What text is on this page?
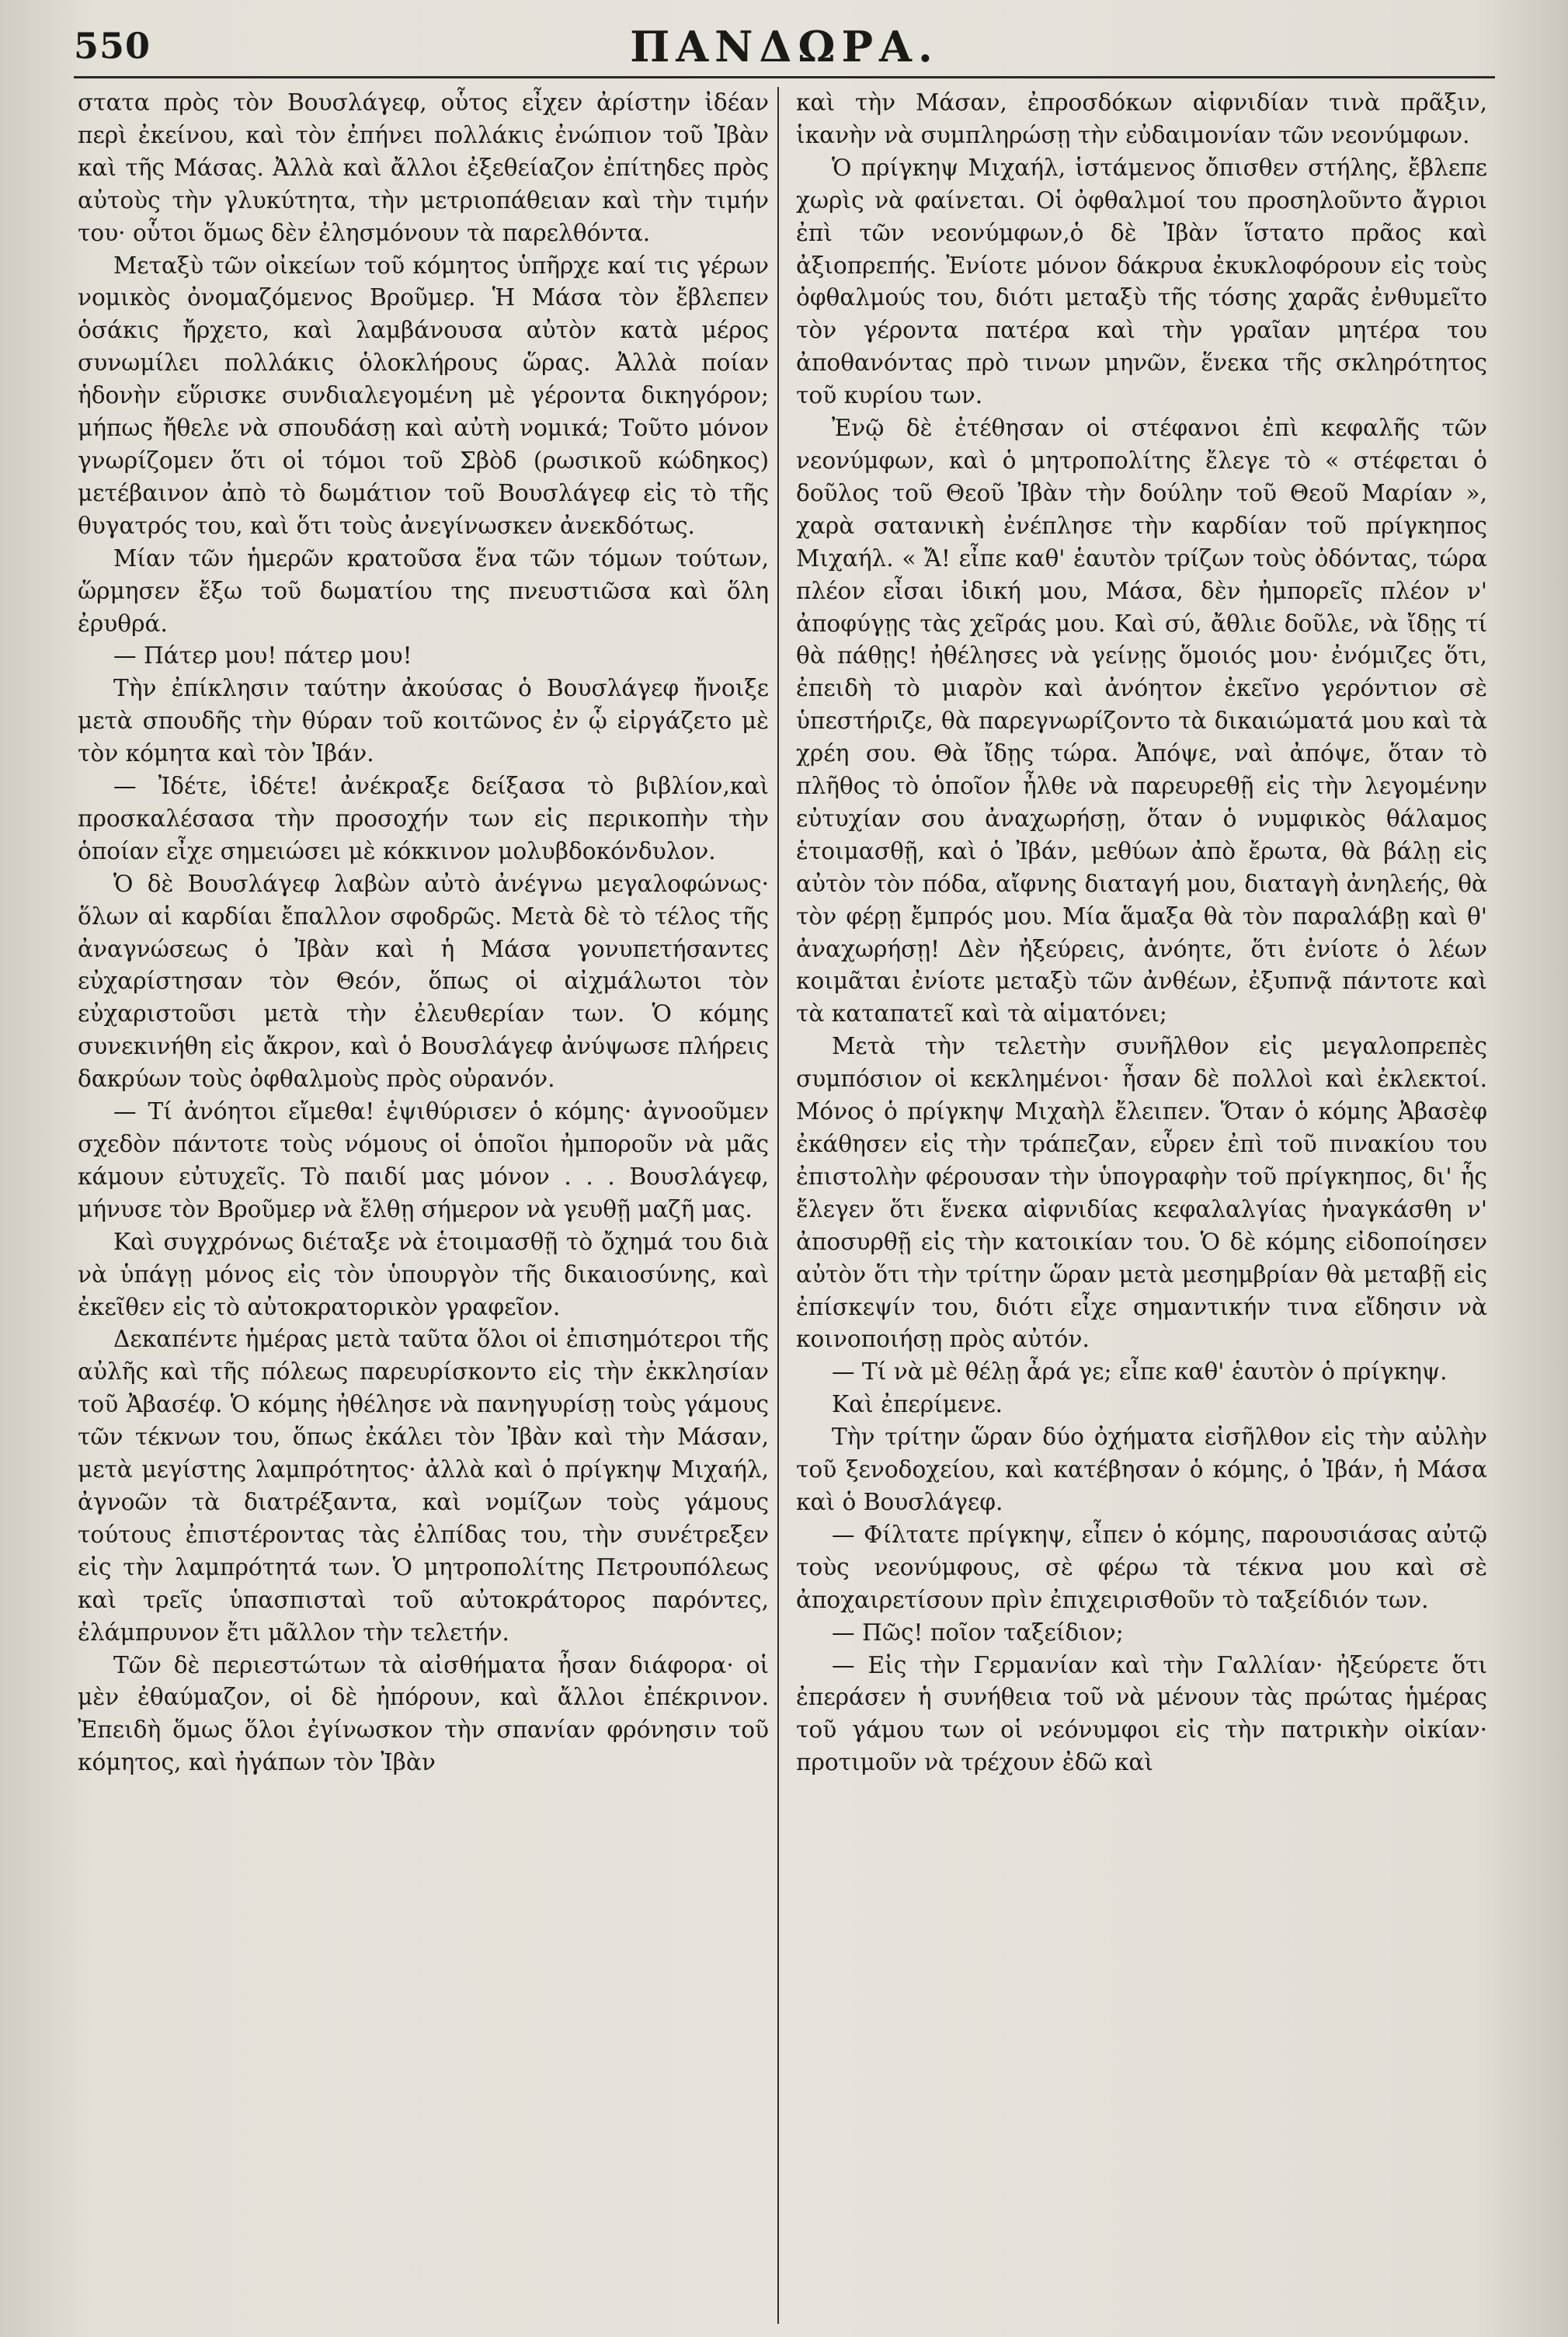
550	ΠΑΝΔΩΡΑ.

στατα πρὸς τὸν Βουσλάγεφ, οὗτος εἶχεν ἀρίστην ἰδέαν περὶ ἐκείνου, καὶ τὸν ἐπήνει πολλάκις ἐνώπιον τοῦ Ἰβὰν καὶ τῆς Μάσας. Ἀλλὰ καὶ ἄλλοι ἐξεθείαζον ἐπίτηδες πρὸς αὐτοὺς τὴν γλυκύτητα, τὴν μετριοπάθειαν καὶ τὴν τιμήν του· οὗτοι ὅμως δὲν ἐλησμόνουν τὰ παρελθόντα.

Μεταξὺ τῶν οἰκείων τοῦ κόμητος ὑπῆρχε καί τις γέρων νομικὸς ὀνομαζόμενος Βροῦμερ. Ἡ Μάσα τὸν ἔβλεπεν ὁσάκις ἤρχετο, καὶ λαμβάνουσα αὐτὸν κατὰ μέρος συνωμίλει πολλάκις ὁλοκλήρους ὥρας. Ἀλλὰ ποίαν ἡδονὴν εὕρισκε συνδιαλεγομένη μὲ γέροντα δικηγόρον; μήπως ἤθελε νὰ σπουδάσῃ καὶ αὐτὴ νομικά; Τοῦτο μόνον γνωρίζομεν ὅτι οἱ τόμοι τοῦ Σβὸδ (ρωσικοῦ κώδηκος) μετέβαινον ἀπὸ τὸ δωμάτιον τοῦ Βουσλάγεφ εἰς τὸ τῆς θυγατρός του, καὶ ὅτι τοὺς ἀνεγίνωσκεν ἀνεκδότως.

Μίαν τῶν ἡμερῶν κρατοῦσα ἕνα τῶν τόμων τούτων, ὥρμησεν ἔξω τοῦ δωματίου της πνευστιῶσα καὶ ὅλη ἐρυθρά.

— Πάτερ μου! πάτερ μου!

Τὴν ἐπίκλησιν ταύτην ἀκούσας ὁ Βουσλάγεφ ἤνοιξε μετὰ σπουδῆς τὴν θύραν τοῦ κοιτῶνος ἐν ᾧ εἰργάζετο μὲ τὸν κόμητα καὶ τὸν Ἰβάν.

— Ἰδέτε, ἰδέτε! ἀνέκραξε δείξασα τὸ βιβλίον,καὶ προσκαλέσασα τὴν προσοχήν των εἰς περικοπὴν τὴν ὁποίαν εἶχε σημειώσει μὲ κόκκινον μολυβδοκόνδυλον.

Ὁ δὲ Βουσλάγεφ λαβὼν αὐτὸ ἀνέγνω μεγαλοφώνως· ὅλων αἱ καρδίαι ἔπαλλον σφοδρῶς. Μετὰ δὲ τὸ τέλος τῆς ἀναγνώσεως ὁ Ἰβὰν καὶ ἡ Μάσα γονυπετήσαντες εὐχαρίστησαν τὸν Θεόν, ὅπως οἱ αἰχμάλωτοι τὸν εὐχαριστοῦσι μετὰ τὴν ἐλευθερίαν των. Ὁ κόμης συνεκινήθη εἰς ἄκρον, καὶ ὁ Βουσλάγεφ ἀνύψωσε πλήρεις δακρύων τοὺς ὀφθαλμοὺς πρὸς οὐρανόν.

— Τί ἀνόητοι εἴμεθα! ἐψιθύρισεν ὁ κόμης· ἀγνοοῦμεν σχεδὸν πάντοτε τοὺς νόμους οἱ ὁποῖοι ἠμποροῦν νὰ μᾶς κάμουν εὐτυχεῖς. Τὸ παιδί μας μόνον . . . Βουσλάγεφ, μήνυσε τὸν Βροῦμερ νὰ ἔλθῃ σήμερον νὰ γευθῇ μαζῆ μας.

Καὶ συγχρόνως διέταξε νὰ ἑτοιμασθῇ τὸ ὄχημά του διὰ νὰ ὑπάγῃ μόνος εἰς τὸν ὑπουργὸν τῆς δικαιοσύνης, καὶ ἐκεῖθεν εἰς τὸ αὐτοκρατορικὸν γραφεῖον.

Δεκαπέντε ἡμέρας μετὰ ταῦτα ὅλοι οἱ ἐπισημότεροι τῆς αὐλῆς καὶ τῆς πόλεως παρευρίσκοντο εἰς τὴν ἐκκλησίαν τοῦ Ἀβασέφ. Ὁ κόμης ἠθέλησε νὰ πανηγυρίσῃ τοὺς γάμους τῶν τέκνων του, ὅπως ἐκάλει τὸν Ἰβὰν καὶ τὴν Μάσαν, μετὰ μεγίστης λαμπρότητος· ἀλλὰ καὶ ὁ πρίγκηψ Μιχαήλ, ἀγνοῶν τὰ διατρέξαντα, καὶ νομίζων τοὺς γάμους τούτους ἐπιστέροντας τὰς ἐλπίδας του, τὴν συνέτρεξεν εἰς τὴν λαμπρότητά των. Ὁ μητροπολίτης Πετρουπόλεως καὶ τρεῖς ὑπασπισταὶ τοῦ αὐτοκράτορος παρόντες, ἐλάμπρυνον ἔτι μᾶλλον τὴν τελετήν.

Τῶν δὲ περιεστώτων τὰ αἰσθήματα ἦσαν διάφορα· οἱ μὲν ἐθαύμαζον, οἱ δὲ ἠπόρουν, καὶ ἄλλοι ἐπέκρινον. Ἐπειδὴ ὅμως ὅλοι ἐγίνωσκον τὴν σπανίαν φρόνησιν τοῦ κόμητος, καὶ ἠγάπων τὸν Ἰβὰν

καὶ τὴν Μάσαν, ἐπροσδόκων αἰφνιδίαν τινὰ πρᾶξιν, ἱκανὴν νὰ συμπληρώσῃ τὴν εὐδαιμονίαν τῶν νεονύμφων.

Ὁ πρίγκηψ Μιχαήλ, ἱστάμενος ὄπισθεν στήλης, ἔβλεπε χωρὶς νὰ φαίνεται. Οἱ ὀφθαλμοί του προσηλοῦντο ἄγριοι ἐπὶ τῶν νεονύμφων,ὁ δὲ Ἰβὰν ἵστατο πρᾶος καὶ ἀξιοπρεπής. Ἐνίοτε μόνον δάκρυα ἐκυκλοφόρουν εἰς τοὺς ὀφθαλμούς του, διότι μεταξὺ τῆς τόσης χαρᾶς ἐνθυμεῖτο τὸν γέροντα πατέρα καὶ τὴν γραῖαν μητέρα του ἀποθανόντας πρὸ τινων μηνῶν, ἕνεκα τῆς σκληρότητος τοῦ κυρίου των.

Ἐνῷ δὲ ἐτέθησαν οἱ στέφανοι ἐπὶ κεφαλῆς τῶν νεονύμφων, καὶ ὁ μητροπολίτης ἔλεγε τὸ « στέφεται ὁ δοῦλος τοῦ Θεοῦ Ἰβὰν τὴν δούλην τοῦ Θεοῦ Μαρίαν », χαρὰ σατανικὴ ἐνέπλησε τὴν καρδίαν τοῦ πρίγκηπος Μιχαήλ. « Ἄ! εἶπε καθ' ἑαυτὸν τρίζων τοὺς ὀδόντας, τώρα πλέον εἶσαι ἰδική μου, Μάσα, δὲν ἠμπορεῖς πλέον ν' ἀποφύγῃς τὰς χεῖράς μου. Καὶ σύ, ἄθλιε δοῦλε, νὰ ἴδῃς τί θὰ πάθῃς! ἠθέλησες νὰ γείνῃς ὅμοιός μου· ἐνόμιζες ὅτι, ἐπειδὴ τὸ μιαρὸν καὶ ἀνόητον ἐκεῖνο γερόντιον σὲ ὑπεστήριζε, θὰ παρεγνωρίζοντο τὰ δικαιώματά μου καὶ τὰ χρέη σου. Θὰ ἴδῃς τώρα. Ἀπόψε, ναὶ ἀπόψε, ὅταν τὸ πλῆθος τὸ ὁποῖον ἦλθε νὰ παρευρεθῇ εἰς τὴν λεγομένην εὐτυχίαν σου ἀναχωρήσῃ, ὅταν ὁ νυμφικὸς θάλαμος ἑτοιμασθῇ, καὶ ὁ Ἰβάν, μεθύων ἀπὸ ἔρωτα, θὰ βάλῃ εἰς αὐτὸν τὸν πόδα, αἴφνης διαταγή μου, διαταγὴ ἀνηλεής, θὰ τὸν φέρῃ ἔμπρός μου. Μία ἅμαξα θὰ τὸν παραλάβῃ καὶ θ' ἀναχωρήσῃ! Δὲν ἠξεύρεις, ἀνόητε, ὅτι ἐνίοτε ὁ λέων κοιμᾶται ἐνίοτε μεταξὺ τῶν ἀνθέων, ἐξυπνᾷ πάντοτε καὶ τὰ καταπατεῖ καὶ τὰ αἱματόνει;

Μετὰ τὴν τελετὴν συνῆλθον εἰς μεγαλοπρεπὲς συμπόσιον οἱ κεκλημένοι· ἦσαν δὲ πολλοὶ καὶ ἐκλεκτοί. Μόνος ὁ πρίγκηψ Μιχαὴλ ἔλειπεν. Ὅταν ὁ κόμης Ἀβασὲφ ἐκάθησεν εἰς τὴν τράπεζαν, εὗρεν ἐπὶ τοῦ πινακίου του ἐπιστολὴν φέρουσαν τὴν ὑπογραφὴν τοῦ πρίγκηπος, δι' ἧς ἔλεγεν ὅτι ἕνεκα αἰφνιδίας κεφαλαλγίας ἠναγκάσθη ν' ἀποσυρθῇ εἰς τὴν κατοικίαν του. Ὁ δὲ κόμης εἰδοποίησεν αὐτὸν ὅτι τὴν τρίτην ὥραν μετὰ μεσημβρίαν θὰ μεταβῇ εἰς ἐπίσκεψίν του, διότι εἶχε σημαντικήν τινα εἴδησιν νὰ κοινοποιήσῃ πρὸς αὐτόν.

— Τί νὰ μὲ θέλῃ ἆρά γε; εἶπε καθ' ἑαυτὸν ὁ πρίγκηψ.

Καὶ ἐπερίμενε.

Τὴν τρίτην ὥραν δύο ὀχήματα εἰσῆλθον εἰς τὴν αὐλὴν τοῦ ξενοδοχείου, καὶ κατέβησαν ὁ κόμης, ὁ Ἰβάν, ἡ Μάσα καὶ ὁ Βουσλάγεφ.

— Φίλτατε πρίγκηψ, εἶπεν ὁ κόμης, παρουσιάσας αὐτῷ τοὺς νεονύμφους, σὲ φέρω τὰ τέκνα μου καὶ σὲ ἀποχαιρετίσουν πρὶν ἐπιχειρισθοῦν τὸ ταξείδιόν των.

— Πῶς! ποῖον ταξείδιον;

— Εἰς τὴν Γερμανίαν καὶ τὴν Γαλλίαν· ἠξεύρετε ὅτι ἐπεράσεν ἡ συνήθεια τοῦ νὰ μένουν τὰς πρώτας ἡμέρας τοῦ γάμου των οἱ νεόνυμφοι εἰς τὴν πατρικὴν οἰκίαν· προτιμοῦν νὰ τρέχουν ἐδῶ καὶ
